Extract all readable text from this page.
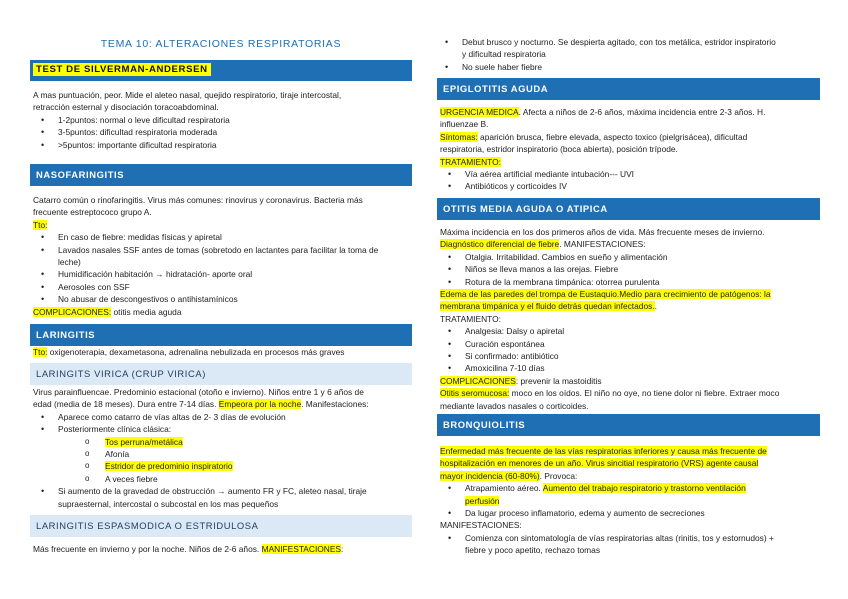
TEMA 10: ALTERACIONES RESPIRATORIAS
TEST DE SILVERMAN-ANDERSEN
A mas puntuación, peor. Mide el aleteo nasal, quejido respiratorio, tiraje intercostal,
retracción esternal y disociación toracoabdominal.
• 1-2puntos: normal o leve dificultad respiratoria
• 3-5puntos: dificultad respiratoria moderada
• >5puntos: importante dificultad respiratoria
NASOFARINGITIS
Catarro común o rinofaringitis. Virus más comunes: rinovirus y coronavirus. Bacteria más
frecuente estreptococo grupo A.
Tto:
• En caso de fiebre: medidas físicas y apiretal
• Lavados nasales SSF antes de tomas (sobretodo en lactantes para facilitar la toma de
leche)
• Humidificación habitación → hidratación- aporte oral
• Aerosoles con SSF
• No abusar de descongestivos o antihistamínicos
COMPLICACIONES: otitis media aguda
LARINGITIS
Tto: oxigenoterapia, dexametasona, adrenalina nebulizada en procesos más graves
LARINGITS VIRICA (CRUP VIRICA)
Virus parainfluencae. Predominio estacional (otoño e invierno). Niños entre 1 y 6 años de
edad (media de 18 meses). Dura entre 7-14 días. Empeora por la noche. Manifestaciones:
• Aparece como catarro de vías altas de 2- 3 días de evolución
• Posteriormente clínica clásica:
o Tos perruna/metálica
o Afonía
o Estridor de predominio inspiratorio
o A veces fiebre
• Si aumento de la gravedad de obstrucción → aumento FR y FC, aleteo nasal, tiraje
supraesternal, intercostal o subcostal en los mas pequeños
LARINGITIS ESPASMODICA O ESTRIDULOSA
Más frecuente en invierno y por la noche. Niños de 2-6 años. MANIFESTACIONES:
• Debut brusco y nocturno. Se despierta agitado, con tos metálica, estridor inspiratorio
y dificultad respiratoria
• No suele haber fiebre
EPIGLOTITIS AGUDA
URGENCIA MEDICA. Afecta a niños de 2-6 años, máxima incidencia entre 2-3 años. H.
influenzae B.
Síntomas: aparición brusca, fiebre elevada, aspecto toxico (pielgrisácea), dificultad
respiratoria, estridor inspiratorio (boca abierta), posición trípode.
TRATAMIENTO:
• Vía aérea artificial mediante intubación--- UVI
• Antibióticos y corticoides IV
OTITIS MEDIA AGUDA O ATIPICA
Máxima incidencia en los dos primeros años de vida. Más frecuente meses de invierno.
Diagnóstico diferencial de fiebre. MANIFESTACIONES:
• Otalgia. Irritabilidad. Cambios en sueño y alimentación
• Niños se lleva manos a las orejas. Fiebre
• Rotura de la membrana timpánica: otorrea purulenta
Edema de las paredes del trompa de Eustaquio.Medio para crecimiento de patógenos: la
membrana timpánica y el fluido detrás quedan infectados..
TRATAMIENTO:
• Analgesia: Dalsy o apiretal
• Curación espontánea
• Si confirmado: antibiótico
• Amoxicilina 7-10 días
COMPLICACIONES: prevenir la mastoiditis
Otitis seromucosa: moco en los oídos. El niño no oye, no tiene dolor ni fiebre. Extraer moco
mediante lavados nasales o corticoides.
BRONQUIOLITIS
Enfermedad más frecuente de las vías respiratorias inferiores y causa más frecuente de
hospitalización en menores de un año. Virus sincitial respiratorio (VRS) agente causal
mayor incidencia (60-80%). Provoca:
• Atrapamiento aéreo. Aumento del trabajo respiratorio y trastorno ventilación
perfusión
• Da lugar proceso inflamatorio, edema y aumento de secreciones
MANIFESTACIONES:
• Comienza con sintomatología de vías respiratorias altas (rinitis, tos y estornudos) +
fiebre y poco apetito, rechazo tomas
